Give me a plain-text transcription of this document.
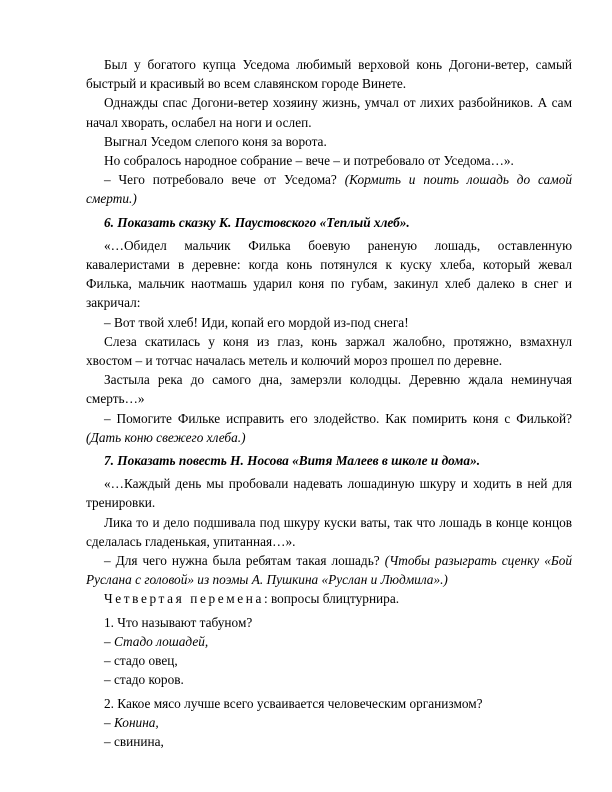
Был у богатого купца Уседома любимый верховой конь Догони-ветер, самый быстрый и красивый во всем славянском городе Винете.

Однажды спас Догони-ветер хозяину жизнь, умчал от лихих разбойников. А сам начал хворать, ослабел на ноги и ослеп.

Выгнал Уседом слепого коня за ворота.

Но собралось народное собрание – вече – и потребовало от Уседома…».

– Чего потребовало вече от Уседома? (Кормить и поить лошадь до самой смерти.)

6. Показать сказку К. Паустовского «Теплый хлеб».

«…Обидел мальчик Филька боевую раненую лошадь, оставленную кавалеристами в деревне: когда конь потянулся к куску хлеба, который жевал Филька, мальчик наотмашь ударил коня по губам, закинул хлеб далеко в снег и закричал:

– Вот твой хлеб! Иди, копай его мордой из-под снега!

Слеза скатилась у коня из глаз, конь заржал жалобно, протяжно, взмахнул хвостом – и тотчас началась метель и колючий мороз прошел по деревне.

Застыла река до самого дна, замерзли колодцы. Деревню ждала неминучая смерть…»

– Помогите Фильке исправить его злодейство. Как помирить коня с Филькой? (Дать коню свежего хлеба.)

7. Показать повесть Н. Носова «Витя Малеев в школе и дома».

«…Каждый день мы пробовали надевать лошадиную шкуру и ходить в ней для тренировки.

Лика то и дело подшивала под шкуру куски ваты, так что лошадь в конце концов сделалась гладенькая, упитанная…».

– Для чего нужна была ребятам такая лошадь? (Чтобы разыграть сценку «Бой Руслана с головой» из поэмы А. Пушкина «Руслан и Людмила».)

Четвертая перемена: вопросы блицтурнира.

1. Что называют табуном?

– Стадо лошадей,

– стадо овец,

– стадо коров.

2. Какое мясо лучше всего усваивается человеческим организмом?

– Конина,

– свинина,
